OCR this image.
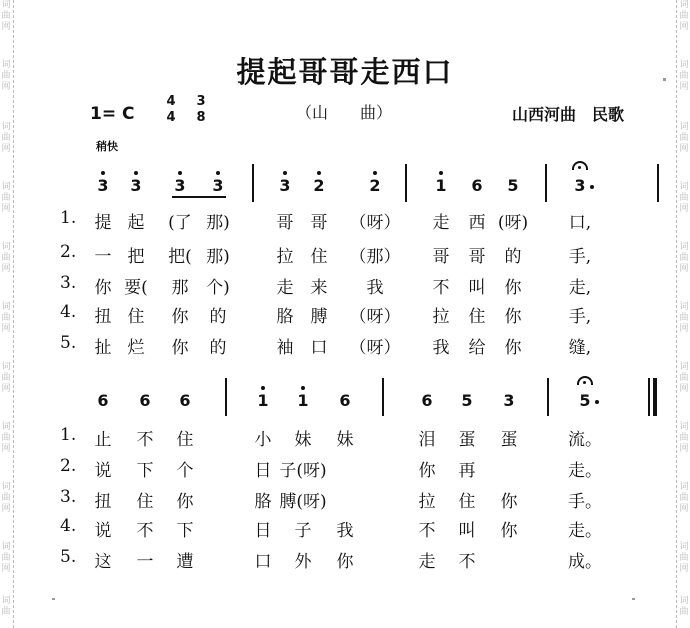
词
曲
网
词
曲
网
词
曲
网
词
曲
网
词
曲
网
词
曲
网
词
曲
网
词
曲
网
词
曲
网
词
曲
网
词
曲
词
曲
网
词
曲
网
词
曲
网
词
曲
网
词
曲
网
词
曲
网
词
曲
网
词
曲
网
词
曲
网
词
曲
网
词
曲
提起哥哥走西口
1= C
4
4
3
8	（山　　曲）	山西河曲　民歌
稍快
3 3 3 3	3 2	2	1 6 5	3
1. 提 起	(了 那)	哥 哥 （呀） 走 西 (呀)	口,
2. 一 把	把( 那)	拉 住 （那） 哥 哥 的	手,
3. 你 要(	那	个)	走 来 我	不 叫 你	走,
4. 扭 住 你 的	胳 膊 （呀） 拉 住 你	手,
5. 扯 烂 你 的	袖 口 （呀） 我 给 你	缝,
6 6 6	1 1 6	6 5 3	5
1. 止 不 住	小 妹 妹	泪 蛋 蛋	流。
2. 说 下 个	日 子(呀)	你 再	走。
3. 扭 住 你	胳 膊(呀)	拉 住 你	手。
4. 说 不 下	日 子 我	不 叫 你	走。
5. 这 一 遭	口 外 你	走 不	成。
